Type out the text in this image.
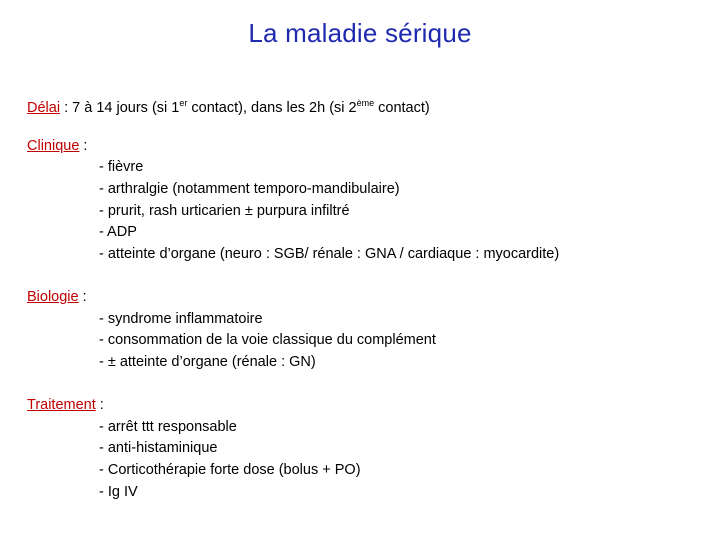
La maladie sérique
Délai : 7 à 14 jours (si 1er contact), dans les 2h (si 2ème contact)
Clinique :
- fièvre
- arthralgie (notamment temporo-mandibulaire)
- prurit, rash urticarien ± purpura infiltré
- ADP
- atteinte d’organe (neuro : SGB/ rénale : GNA / cardiaque : myocardite)
Biologie :
- syndrome inflammatoire
- consommation de la voie classique du complément
- ± atteinte d’organe (rénale : GN)
Traitement :
- arrêt ttt responsable
- anti-histaminique
- Corticothérapie forte dose (bolus + PO)
- Ig IV
